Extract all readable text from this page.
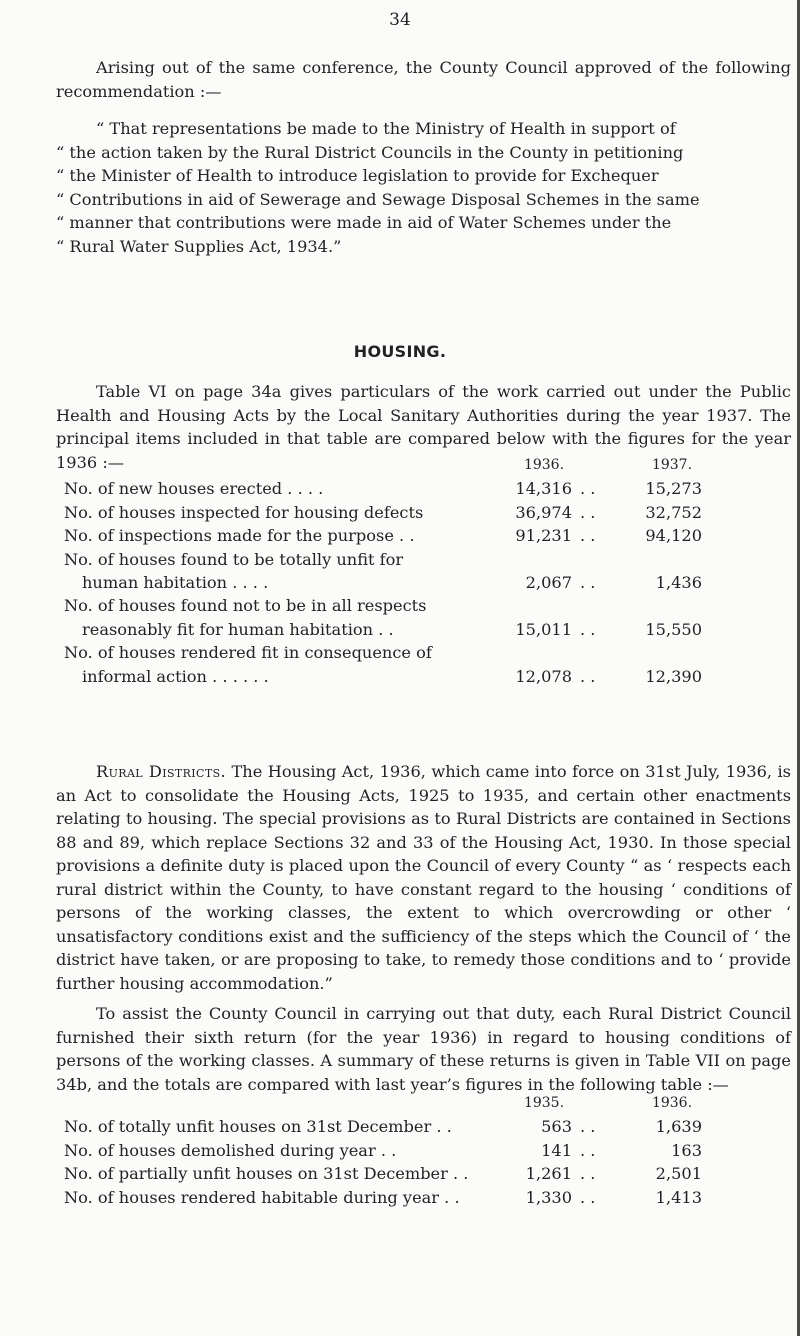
34

Arising out of the same conference, the County Council approved of the following recommendation :—

“ That representations be made to the Ministry of Health in support of
“ the action taken by the Rural District Councils in the County in petitioning
“ the Minister of Health to introduce legislation to provide for Exchequer
“ Contributions in aid of Sewerage and Sewage Disposal Schemes in the same
“ manner that contributions were made in aid of Water Schemes under the
“ Rural Water Supplies Act, 1934.”
HOUSING.

Table VI on page 34a gives particulars of the work carried out under the Public Health and Housing Acts by the Local Sanitary Authorities during the year 1937. The principal items included in that table are compared below with the figures for the year 1936 :—	1936.	1937.
No. of new houses erected . . . .	14,316 . .	15,273
No. of houses inspected for housing defects	36,974 . .	32,752
No. of inspections made for the purpose . .	91,231 . .	94,120
No. of houses found to be totally unfit for
human habitation . . . .	2,067 . .	1,436
No. of houses found not to be in all respects
reasonably fit for human habitation . .	15,011 . .	15,550
No. of houses rendered fit in consequence of
informal action . . . . . .	12,078 . .	12,390

Rural Districts. The Housing Act, 1936, which came into force on 31st July, 1936, is an Act to consolidate the Housing Acts, 1925 to 1935, and certain other enactments relating to housing. The special provisions as to Rural Districts are contained in Sections 88 and 89, which replace Sections 32 and 33 of the Housing Act, 1930. In those special provisions a definite duty is placed upon the Council of every County “ as ‘ respects each rural district within the County, to have constant regard to the housing ‘ conditions of persons of the working classes, the extent to which overcrowding or other ‘ unsatisfactory conditions exist and the sufficiency of the steps which the Council of ‘ the district have taken, or are proposing to take, to remedy those conditions and to ‘ provide further housing accommodation.”

To assist the County Council in carrying out that duty, each Rural District Council furnished their sixth return (for the year 1936) in regard to housing conditions of persons of the working classes. A summary of these returns is given in Table VII on page 34b, and the totals are compared with last year’s figures in the following table :—

1935.	1936.
No. of totally unfit houses on 31st December . .	563 . .	1,639
No. of houses demolished during year . .	141 . .	163
No. of partially unfit houses on 31st December . .	1,261 . .	2,501
No. of houses rendered habitable during year . .	1,330 . .	1,413
